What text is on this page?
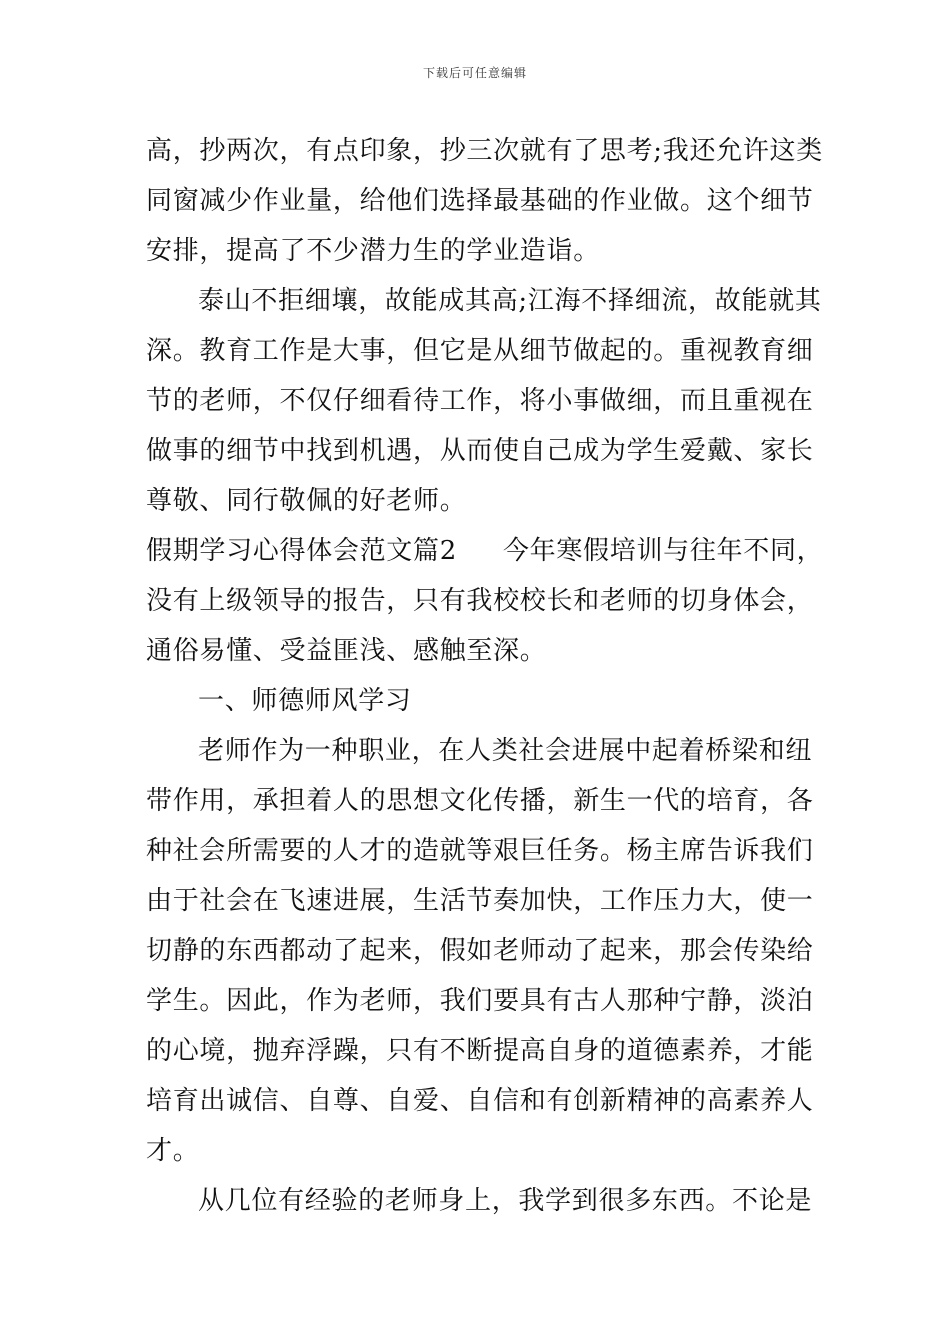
下载后可任意编辑

高，抄两次，有点印象，抄三次就有了思考;我还允许这类
同窗减少作业量，给他们选择最基础的作业做。这个细节
安排，提高了不少潜力生的学业造诣。

泰山不拒细壤，故能成其高;江海不择细流，故能就其
深。教育工作是大事，但它是从细节做起的。重视教育细
节的老师，不仅仔细看待工作，将小事做细，而且重视在
做事的细节中找到机遇，从而使自己成为学生爱戴、家长
尊敬、同行敬佩的好老师。

假期学习心得体会范文篇2 今年寒假培训与往年不同，
没有上级领导的报告，只有我校校长和老师的切身体会，
通俗易懂、受益匪浅、感触至深。

一、师德师风学习

老师作为一种职业，在人类社会进展中起着桥梁和纽
带作用，承担着人的思想文化传播，新生一代的培育，各
种社会所需要的人才的造就等艰巨任务。杨主席告诉我们
由于社会在飞速进展，生活节奏加快，工作压力大，使一
切静的东西都动了起来，假如老师动了起来，那会传染给
学生。因此，作为老师，我们要具有古人那种宁静，淡泊
的心境，抛弃浮躁，只有不断提高自身的道德素养，才能
培育出诚信、自尊、自爱、自信和有创新精神的高素养人
才。

从几位有经验的老师身上，我学到很多东西。不论是
